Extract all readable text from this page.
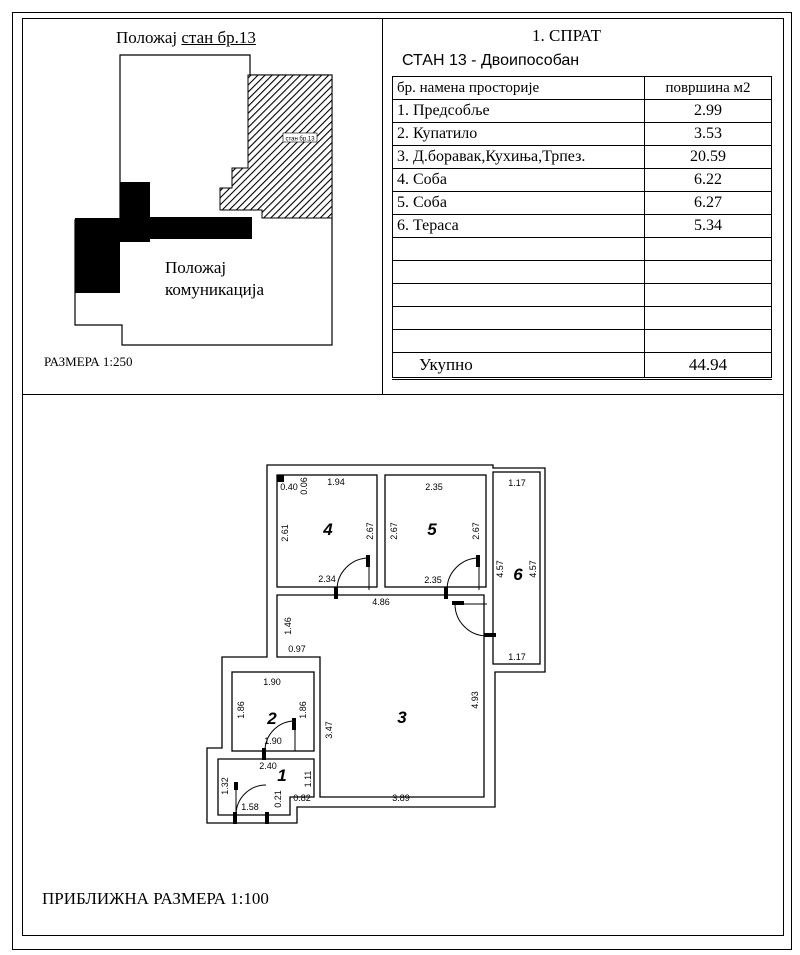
Положај стан бр.13
стан бр.13
Положај
комуникација
РАЗМЕРА 1:250
1. СПРАТ
СТАН 13 - Двоипособан
бр. намена просторије	површина м2
1. Предсобље	2.99
2. Купатило	3.53
3. Д.боравак,Кухиња,Трпез.	20.59
4. Соба	6.22
5. Соба	6.27
6. Тераса	5.34

Укупно	44.94
4	5
6
3
2
1
1.94	2.35	1.17
0.40
2.34	2.35
4.86
0.97
1.17
1.90
1.90
2.40
1.58
0.82	3.89
0.06
2.61	2.67 2.67	2.67
4.57	4.57
1.46
4.93
1.86	1.86
3.47
1.32	1.11
0.21
ПРИБЛИЖНА РАЗМЕРА 1:100
